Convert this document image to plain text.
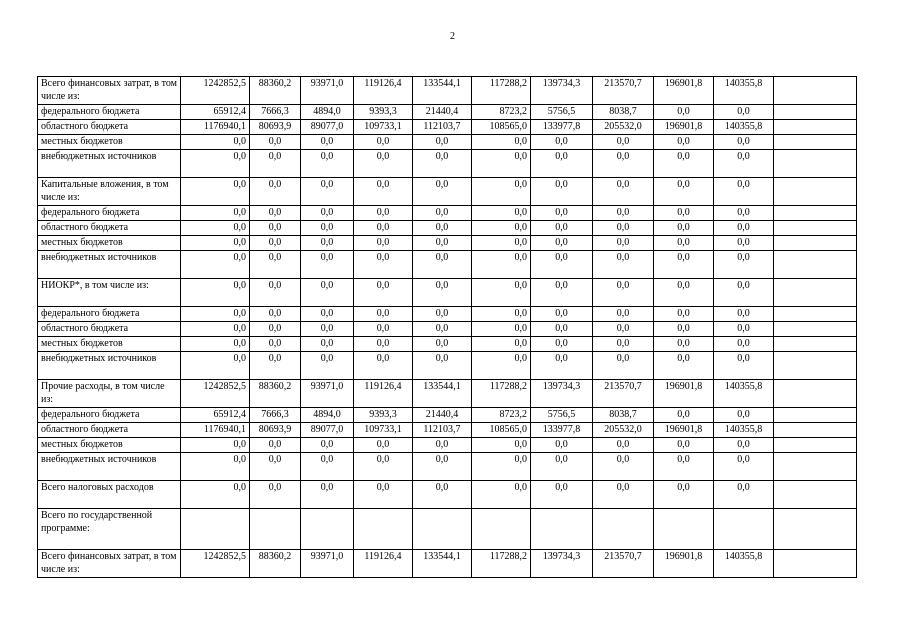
2
Всего финансовых затрат, в том числе из:	1242852,5	88360,2	93971,0	119126,4	133544,1	117288,2	139734,3	213570,7	196901,8	140355,8	
федерального бюджета	65912,4	7666,3	4894,0	9393,3	21440,4	8723,2	5756,5	8038,7	0,0	0,0	
областного бюджета	1176940,1	80693,9	89077,0	109733,1	112103,7	108565,0	133977,8	205532,0	196901,8	140355,8	
местных бюджетов	0,0	0,0	0,0	0,0	0,0	0,0	0,0	0,0	0,0	0,0	
внебюджетных источников	0,0	0,0	0,0	0,0	0,0	0,0	0,0	0,0	0,0	0,0	
Капитальные вложения, в том числе из:	0,0	0,0	0,0	0,0	0,0	0,0	0,0	0,0	0,0	0,0	
федерального бюджета	0,0	0,0	0,0	0,0	0,0	0,0	0,0	0,0	0,0	0,0	
областного бюджета	0,0	0,0	0,0	0,0	0,0	0,0	0,0	0,0	0,0	0,0	
местных бюджетов	0,0	0,0	0,0	0,0	0,0	0,0	0,0	0,0	0,0	0,0	
внебюджетных источников	0,0	0,0	0,0	0,0	0,0	0,0	0,0	0,0	0,0	0,0	
НИОКР*, в том числе из:	0,0	0,0	0,0	0,0	0,0	0,0	0,0	0,0	0,0	0,0	
федерального бюджета	0,0	0,0	0,0	0,0	0,0	0,0	0,0	0,0	0,0	0,0	
областного бюджета	0,0	0,0	0,0	0,0	0,0	0,0	0,0	0,0	0,0	0,0	
местных бюджетов	0,0	0,0	0,0	0,0	0,0	0,0	0,0	0,0	0,0	0,0	
внебюджетных источников	0,0	0,0	0,0	0,0	0,0	0,0	0,0	0,0	0,0	0,0	
Прочие расходы, в том числе из:	1242852,5	88360,2	93971,0	119126,4	133544,1	117288,2	139734,3	213570,7	196901,8	140355,8	
федерального бюджета	65912,4	7666,3	4894,0	9393,3	21440,4	8723,2	5756,5	8038,7	0,0	0,0	
областного бюджета	1176940,1	80693,9	89077,0	109733,1	112103,7	108565,0	133977,8	205532,0	196901,8	140355,8	
местных бюджетов	0,0	0,0	0,0	0,0	0,0	0,0	0,0	0,0	0,0	0,0	
внебюджетных источников	0,0	0,0	0,0	0,0	0,0	0,0	0,0	0,0	0,0	0,0	
Всего налоговых расходов	0,0	0,0	0,0	0,0	0,0	0,0	0,0	0,0	0,0	0,0	
Всего по государственной программе:											
Всего финансовых затрат, в том числе из:	1242852,5	88360,2	93971,0	119126,4	133544,1	117288,2	139734,3	213570,7	196901,8	140355,8	
